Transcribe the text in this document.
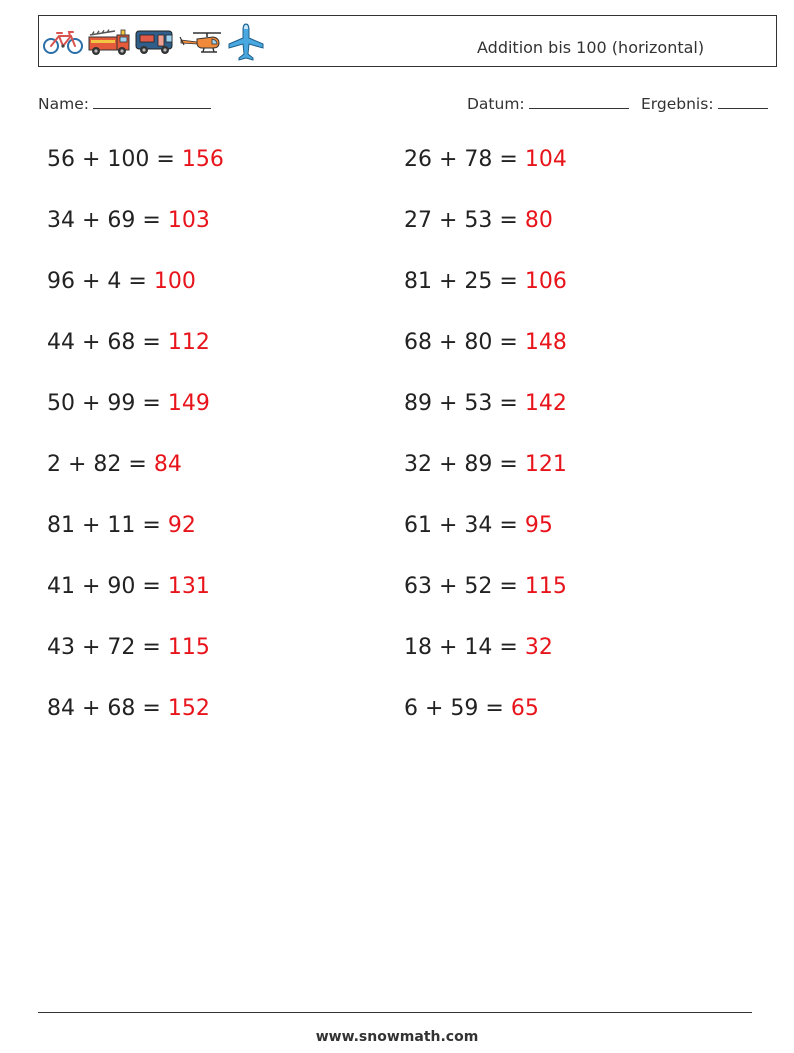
Addition bis 100 (horizontal)
Name:	Datum:	Ergebnis:
56 + 100 = 156
34 + 69 = 103
96 + 4 = 100
44 + 68 = 112
50 + 99 = 149
2 + 82 = 84
81 + 11 = 92
41 + 90 = 131
43 + 72 = 115
84 + 68 = 152
26 + 78 = 104
27 + 53 = 80
81 + 25 = 106
68 + 80 = 148
89 + 53 = 142
32 + 89 = 121
61 + 34 = 95
63 + 52 = 115
18 + 14 = 32
6 + 59 = 65
www.snowmath.com
